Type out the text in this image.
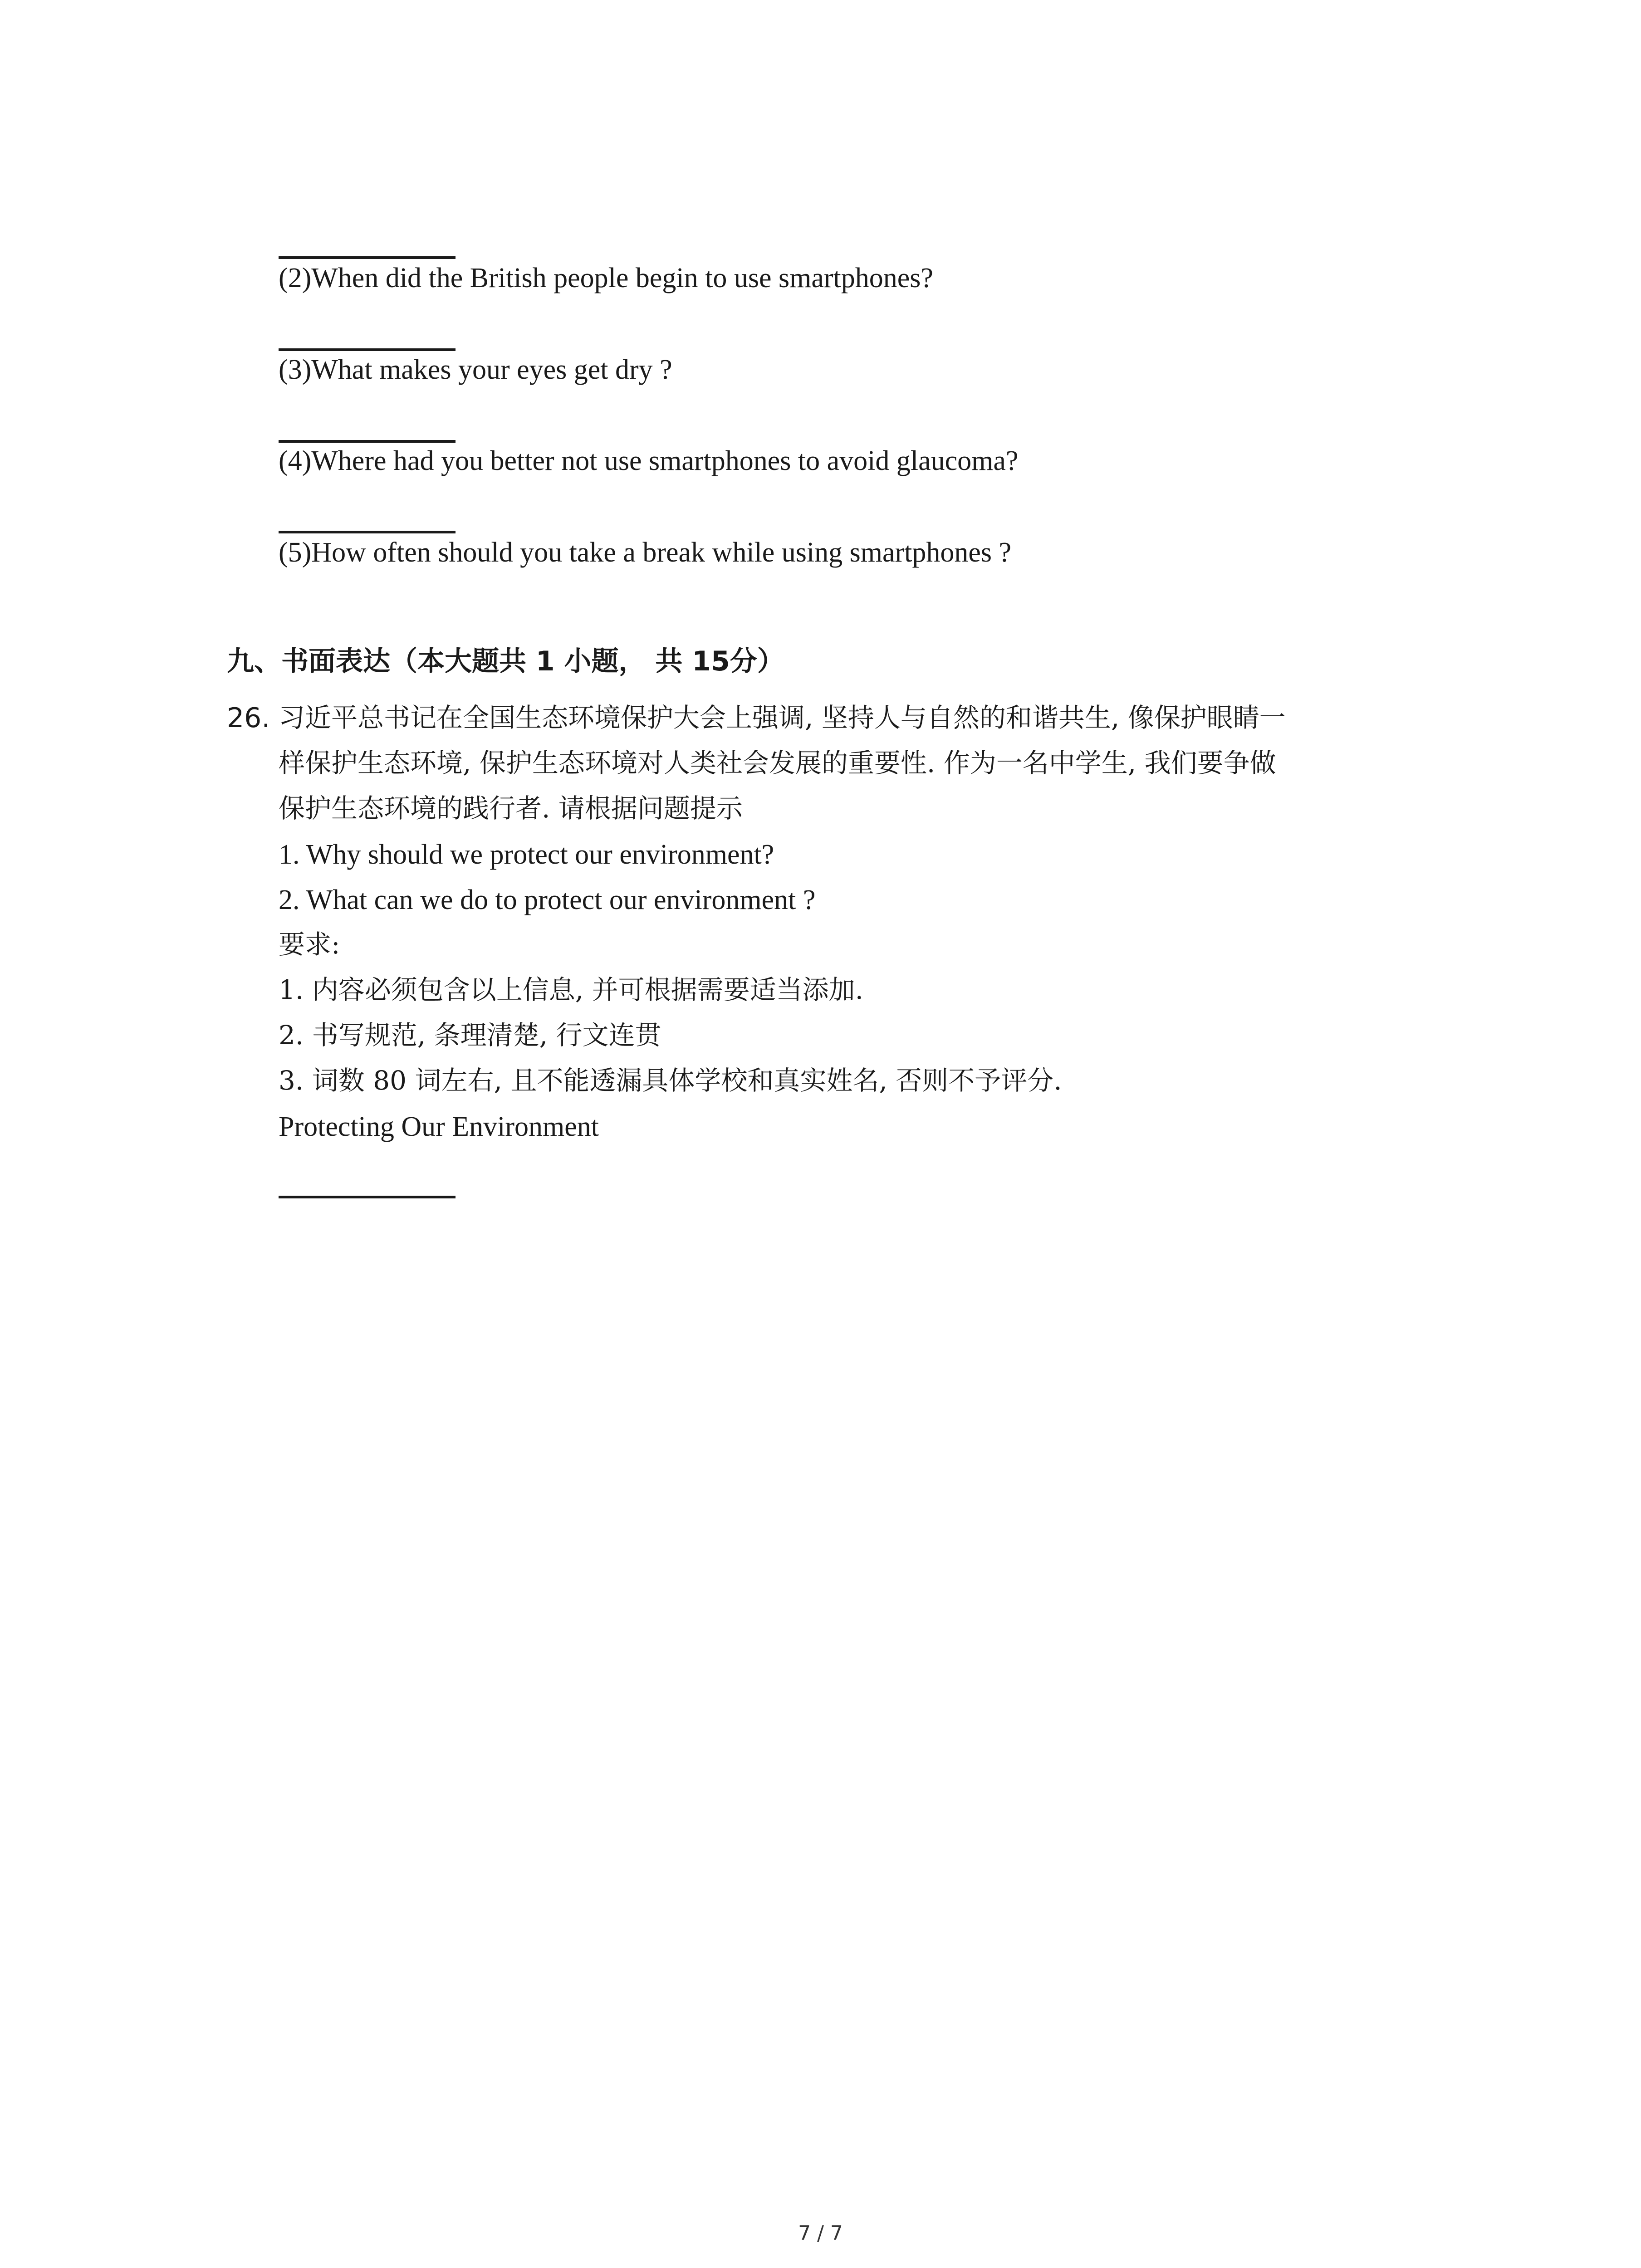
(2)When did the British people begin to use smartphones?
(3)What makes your eyes get dry ?
(4)Where had you better not use smartphones to avoid glaucoma?
(5)How often should you take a break while using smartphones ?
九、书面表达（本大题共 1 小题， 共 15分）
26. 习近平总书记在全国生态环境保护大会上强调, 坚持人与自然的和谐共生, 像保护眼睛一
样保护生态环境, 保护生态环境对人类社会发展的重要性. 作为一名中学生, 我们要争做
保护生态环境的践行者. 请根据问题提示
1. Why should we protect our environment?
2. What can we do to protect our environment ?
要求:
1. 内容必须包含以上信息, 并可根据需要适当添加.
2. 书写规范, 条理清楚, 行文连贯
3. 词数 80 词左右, 且不能透漏具体学校和真实姓名, 否则不予评分.
Protecting Our Environment
7 / 7
